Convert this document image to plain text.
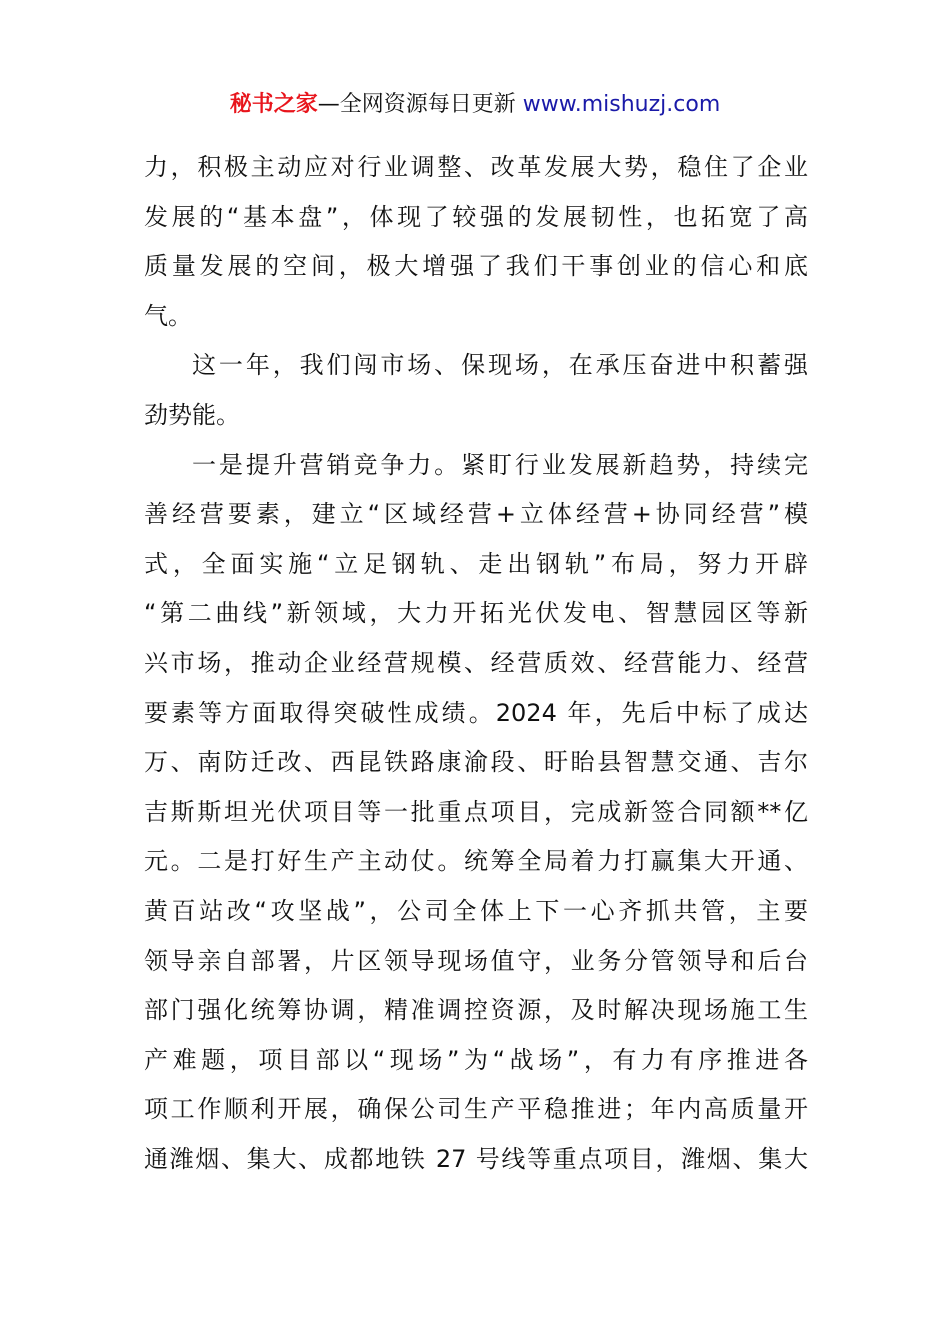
秘书之家—全网资源每日更新 www.mishuzj.com
力，积极主动应对行业调整、改革发展大势，稳住了企业
发展的“基本盘”，体现了较强的发展韧性，也拓宽了高
质量发展的空间，极大增强了我们干事创业的信心和底
气。
这一年，我们闯市场、保现场，在承压奋进中积蓄强
劲势能。
一是提升营销竞争力。紧盯行业发展新趋势，持续完
善经营要素，建立“区域经营+立体经营+协同经营”模
式，全面实施“立足钢轨、走出钢轨”布局，努力开辟
“第二曲线”新领域，大力开拓光伏发电、智慧园区等新
兴市场，推动企业经营规模、经营质效、经营能力、经营
要素等方面取得突破性成绩。2024 年，先后中标了成达
万、南防迁改、西昆铁路康渝段、盱眙县智慧交通、吉尔
吉斯斯坦光伏项目等一批重点项目，完成新签合同额**亿
元。二是打好生产主动仗。统筹全局着力打赢集大开通、
黄百站改“攻坚战”，公司全体上下一心齐抓共管，主要
领导亲自部署，片区领导现场值守，业务分管领导和后台
部门强化统筹协调，精准调控资源，及时解决现场施工生
产难题，项目部以“现场”为“战场”，有力有序推进各
项工作顺利开展，确保公司生产平稳推进；年内高质量开
通潍烟、集大、成都地铁 27 号线等重点项目，潍烟、集大
